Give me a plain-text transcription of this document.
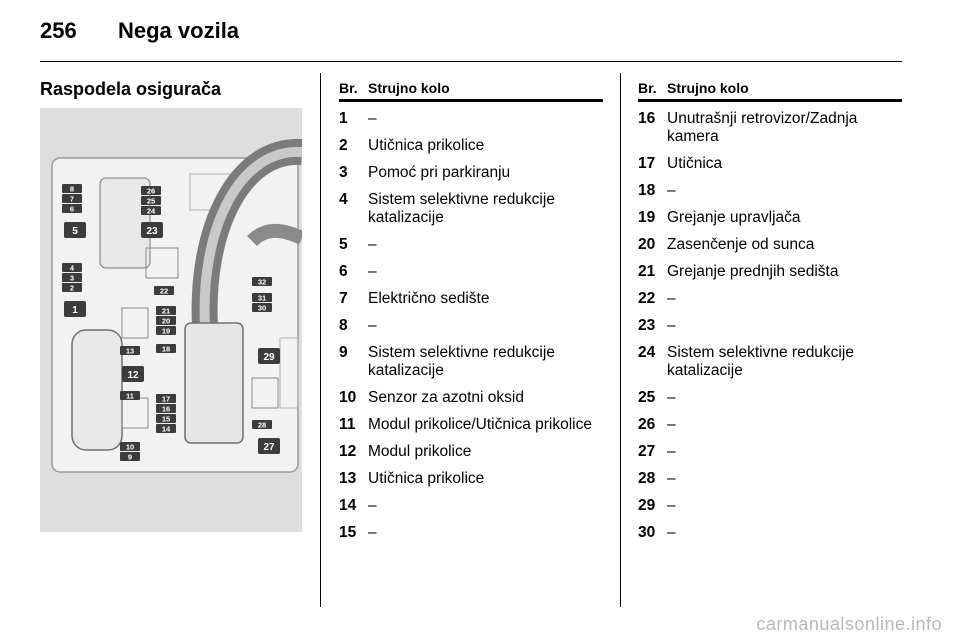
256 Nega vozila
Raspodela osigurača
1
2
3
4
5
6
7
8
9
10
11
12
13
14
15
16
17
18
19
20
21
22
23
24
25
26
27
28
29
30
31
32
Br. Strujno kolo
1	–
2	Utičnica prikolice
3	Pomoć pri parkiranju
4	Sistem selektivne redukcije katalizacije
5	–
6	–
7	Električno sedište
8	–
9	Sistem selektivne redukcije katalizacije
10 Senzor za azotni oksid
11 Modul prikolice/Utičnica prikolice
12 Modul prikolice
13 Utičnica prikolice
14 –
15 –
Br. Strujno kolo
16 Unutrašnji retrovizor/Zadnja kamera
17 Utičnica
18 –
19 Grejanje upravljača
20 Zasenčenje od sunca
21 Grejanje prednjih sedišta
22 –
23 –
24 Sistem selektivne redukcije katalizacije
25 –
26 –
27 –
28 –
29 –
30 –
carmanualsonline.info
